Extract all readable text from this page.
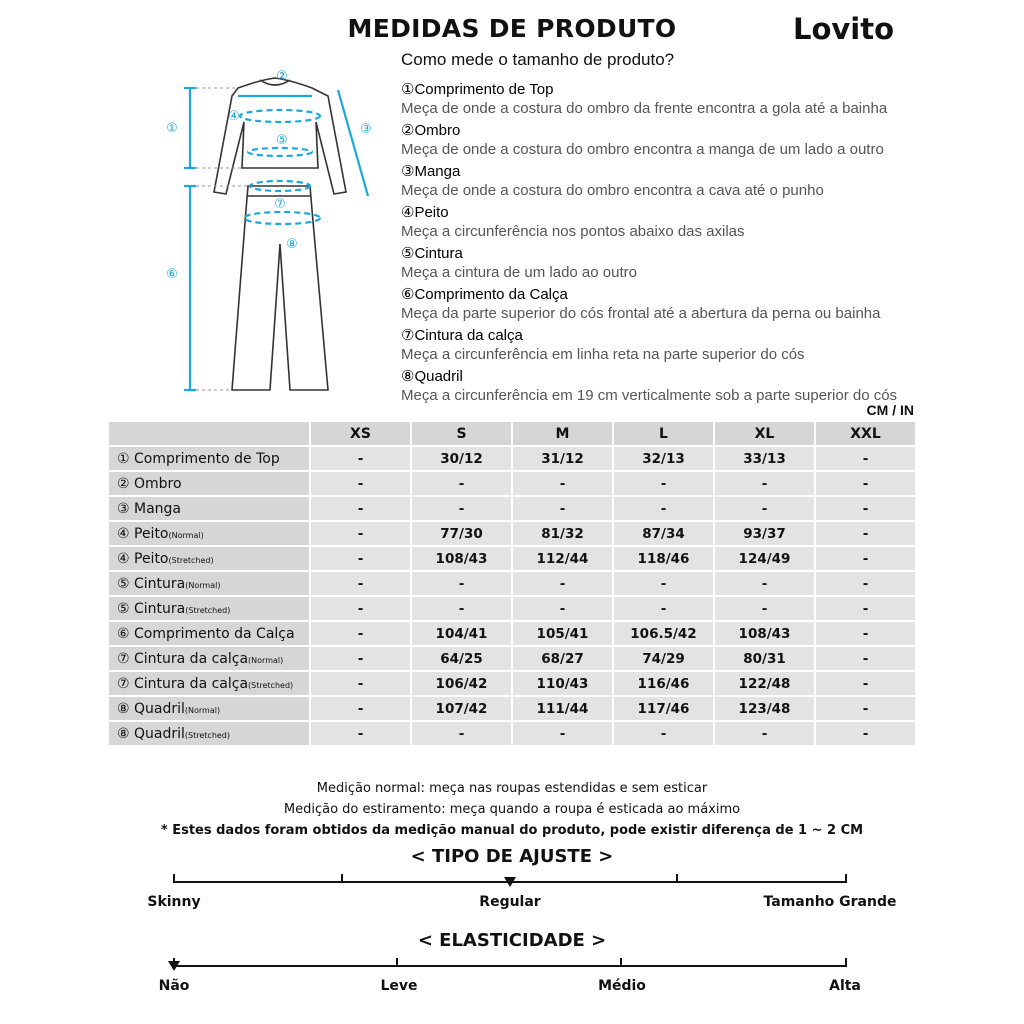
MEDIDAS DE PRODUTO	Lovito
Como mede o tamanho de produto?
①
②
③
④
⑤
⑥
⑦
⑧
①Comprimento de Top
Meça de onde a costura do ombro da frente encontra a gola até a bainha
②Ombro
Meça de onde a costura do ombro encontra a manga de um lado a outro
③Manga
Meça de onde a costura do ombro encontra a cava até o punho
④Peito
Meça a circunferência nos pontos abaixo das axilas
⑤Cintura
Meça a cintura de um lado ao outro
⑥Comprimento da Calça
Meça da parte superior do cós frontal até a abertura da perna ou bainha
⑦Cintura da calça
Meça a circunferência em linha reta na parte superior do cós
⑧Quadril
Meça a circunferência em 19 cm verticalmente sob a parte superior do cós
CM / IN
	XS	S	M	L	XL	XXL
① Comprimento de Top	-	30/12	31/12	32/13	33/13	-
② Ombro	-	-	-	-	-	-
③ Manga	-	-	-	-	-	-
④ Peito(Normal)	-	77/30	81/32	87/34	93/37	-
④ Peito(Stretched)	-	108/43	112/44	118/46	124/49	-
⑤ Cintura(Normal)	-	-	-	-	-	-
⑤ Cintura(Stretched)	-	-	-	-	-	-
⑥ Comprimento da Calça	-	104/41	105/41	106.5/42	108/43	-
⑦ Cintura da calça(Normal)	-	64/25	68/27	74/29	80/31	-
⑦ Cintura da calça(Stretched)	-	106/42	110/43	116/46	122/48	-
⑧ Quadril(Normal)	-	107/42	111/44	117/46	123/48	-
⑧ Quadril(Stretched)	-	-	-	-	-	-
Medição normal: meça nas roupas estendidas e sem esticar
Medição do estiramento: meça quando a roupa é esticada ao máximo
* Estes dados foram obtidos da medição manual do produto, pode existir diferença de 1 ~ 2 CM
< TIPO DE AJUSTE >
Skinny	Regular	Tamanho Grande
< ELASTICIDADE >
Não	Leve	Médio	Alta
